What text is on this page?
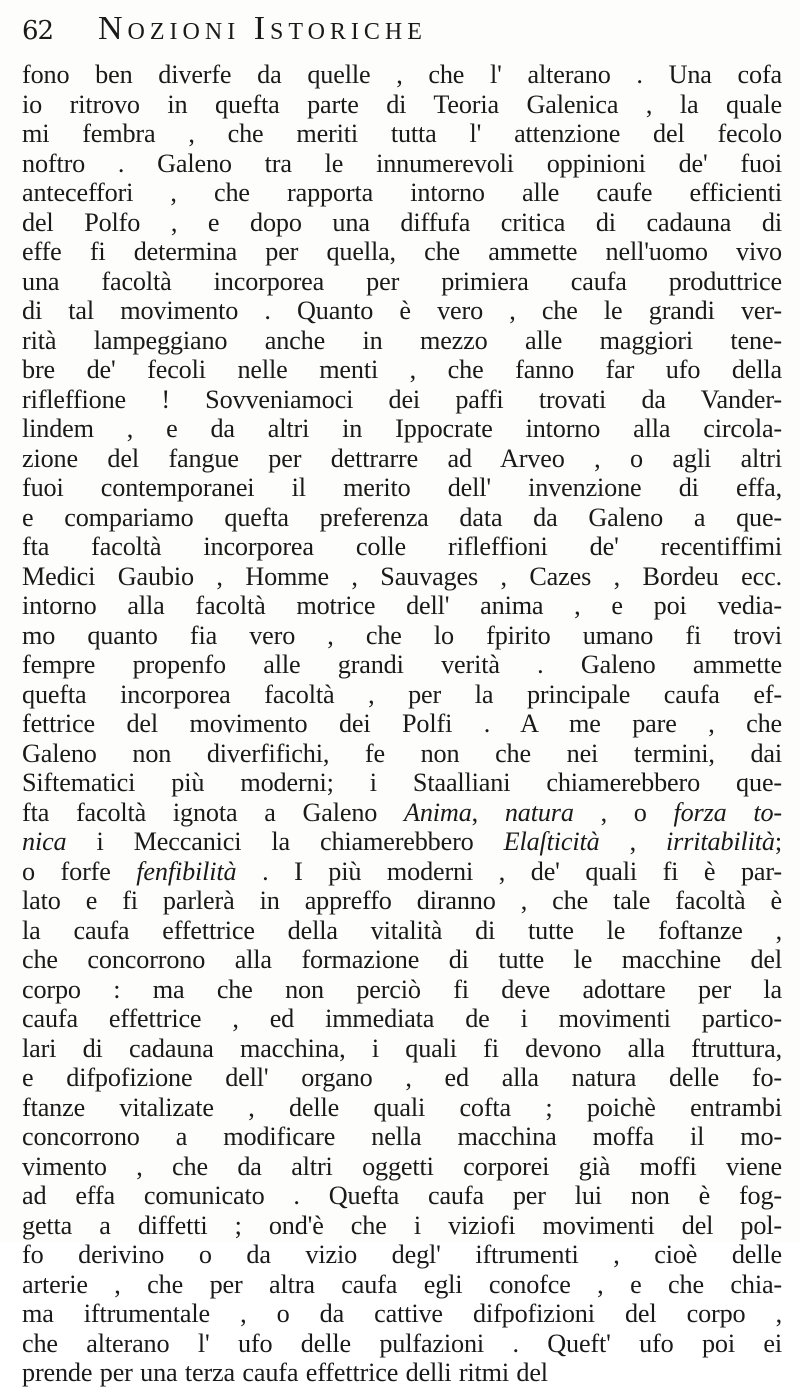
62 Nozioni Istoriche
fono ben diverfe da quelle , che l' alterano . Una cofa
io ritrovo in quefta parte di Teoria Galenica , la quale
mi fembra , che meriti tutta l' attenzione del fecolo
noftro . Galeno tra le innumerevoli oppinioni de' fuoi
anteceffori , che rapporta intorno alle caufe efficienti
del Polfo , e dopo una diffufa critica di cadauna di
effe fi determina per quella, che ammette nell'uomo vivo
una facoltà incorporea per primiera caufa produttrice
di tal movimento . Quanto è vero , che le grandi ver-
rità lampeggiano anche in mezzo alle maggiori tene-
bre de' fecoli nelle menti , che fanno far ufo della
rifleffione ! Sovveniamoci dei paffi trovati da Vander-
lindem , e da altri in Ippocrate intorno alla circola-
zione del fangue per dettrarre ad Arveo , o agli altri
fuoi contemporanei il merito dell' invenzione di effa,
e compariamo quefta preferenza data da Galeno a que-
fta facoltà incorporea colle rifleffioni de' recentiffimi
Medici Gaubio , Homme , Sauvages , Cazes , Bordeu ecc.
intorno alla facoltà motrice dell' anima , e poi vedia-
mo quanto fia vero , che lo fpirito umano fi trovi
fempre propenfo alle grandi verità . Galeno ammette
quefta incorporea facoltà , per la principale caufa ef-
fettrice del movimento dei Polfi . A me pare , che
Galeno non diverfifichi, fe non che nei termini, dai
Siftematici più moderni; i Staalliani chiamerebbero que-
fta facoltà ignota a Galeno Anima, natura , o forza to-
nica i Meccanici la chiamerebbero Elaſticità , irritabilità;
o forfe fenfibilità . I più moderni , de' quali fi è par-
lato e fi parlerà in appreffo diranno , che tale facoltà è
la caufa effettrice della vitalità di tutte le foftanze ,
che concorrono alla formazione di tutte le macchine del
corpo : ma che non perciò fi deve adottare per la
caufa effettrice , ed immediata de i movimenti partico-
lari di cadauna macchina, i quali fi devono alla ftruttura,
e difpofizione dell' organo , ed alla natura delle fo-
ftanze vitalizate , delle quali cofta ; poichè entrambi
concorrono a modificare nella macchina moffa il mo-
vimento , che da altri oggetti corporei già moffi viene
ad effa comunicato . Quefta caufa per lui non è fog-
getta a diffetti ; ond'è che i viziofi movimenti del pol-
fo derivino o da vizio degl' iftrumenti , cioè delle
arterie , che per altra caufa egli conofce , e che chia-
ma iftrumentale , o da cattive difpofizioni del corpo ,
che alterano l' ufo delle pulfazioni . Queft' ufo poi ei
prende per una terza caufa effettrice delli ritmi del
